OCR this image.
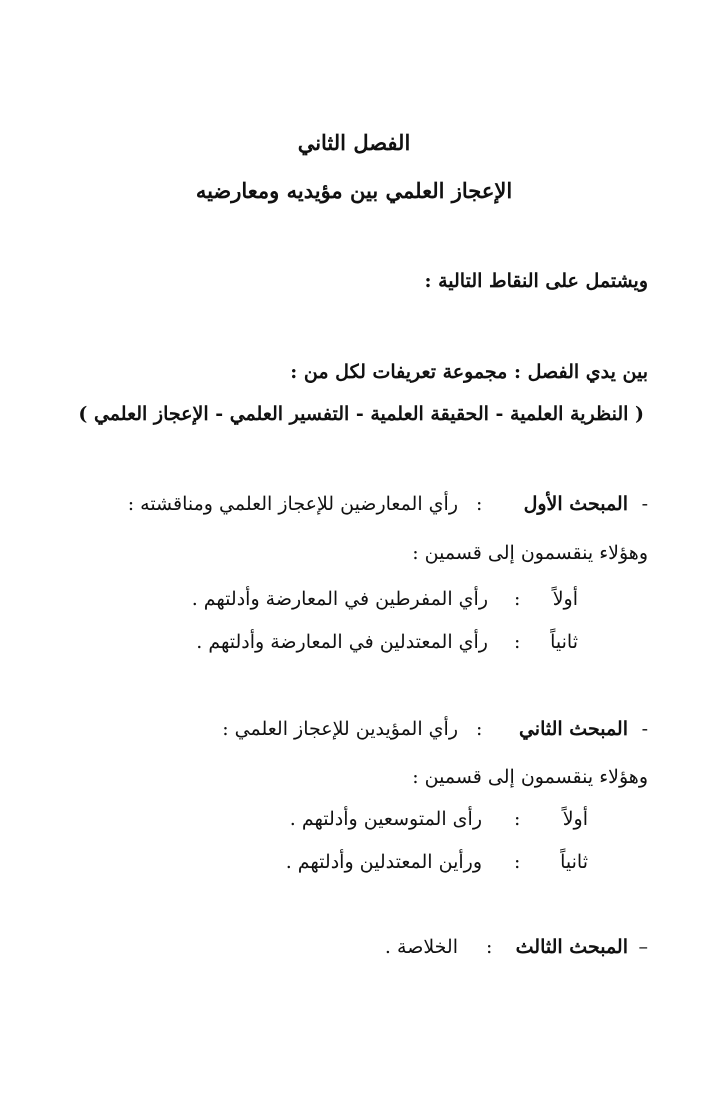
الفصل الثاني
الإعجاز العلمي بين مؤيديه ومعارضيه
ويشتمل على النقاط التالية :
بين يدي الفصل : مجموعة تعريفات لكل من :
( النظرية العلمية - الحقيقة العلمية - التفسير العلمي - الإعجاز العلمي )
-
المبحث الأول
:
رأي المعارضين للإعجاز العلمي ومناقشته :
وهؤلاء ينقسمون إلى قسمين :
أولاً
:
رأي المفرطين في المعارضة وأدلتهم .
ثانياً
:
رأي المعتدلين في المعارضة وأدلتهم .
-
المبحث الثاني
:
رأي المؤيدين للإعجاز العلمي :
وهؤلاء ينقسمون إلى قسمين :
أولاً
:
رأى المتوسعين وأدلتهم .
ثانياً
:
ورأين المعتدلين وأدلتهم .
–
المبحث الثالث
:
الخلاصة .
